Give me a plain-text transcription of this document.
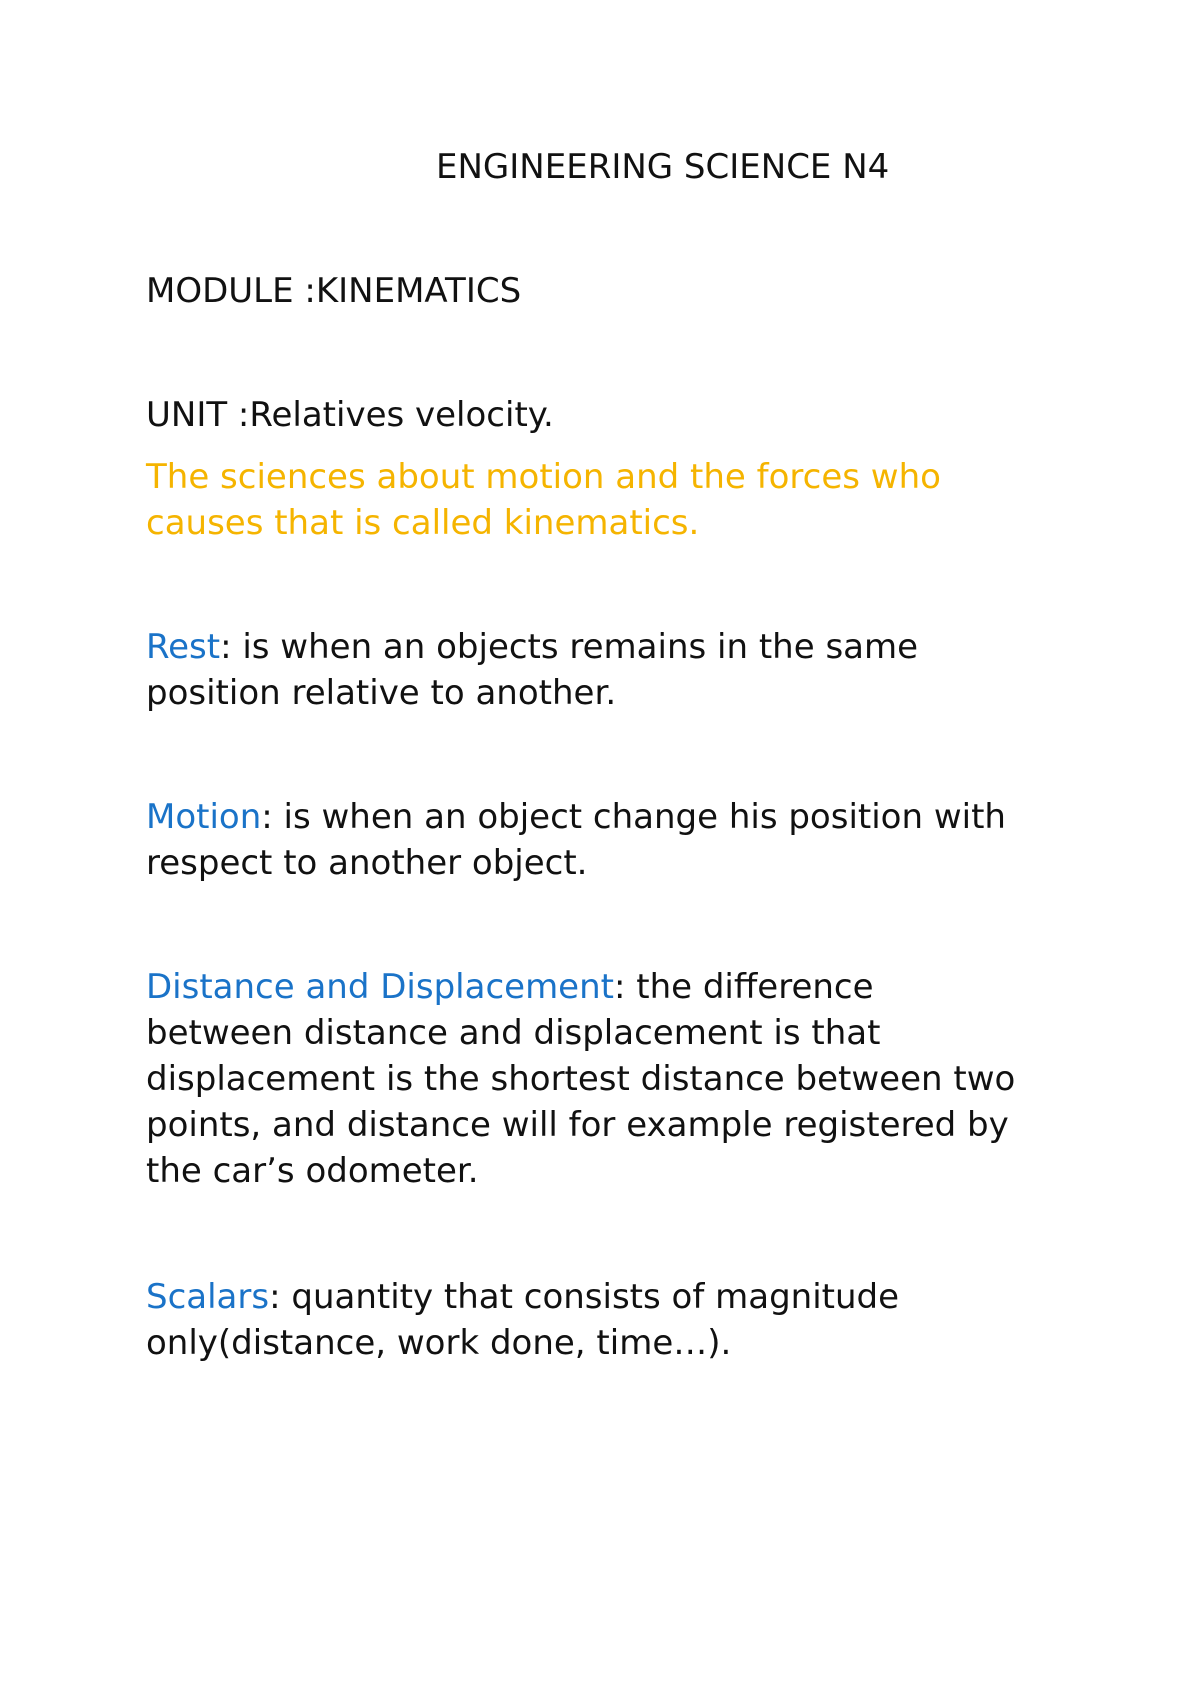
ENGINEERING SCIENCE N4

MODULE :KINEMATICS

UNIT :Relatives velocity.

The sciences about motion and the forces who causes that is called kinematics.

Rest: is when an objects remains in the same position relative to another.

Motion: is when an object change his position with respect to another object.

Distance and Displacement: the difference between distance and displacement is that displacement is the shortest distance between two points, and distance will for example registered by the car’s odometer.

Scalars: quantity that consists of magnitude only(distance, work done, time…).
